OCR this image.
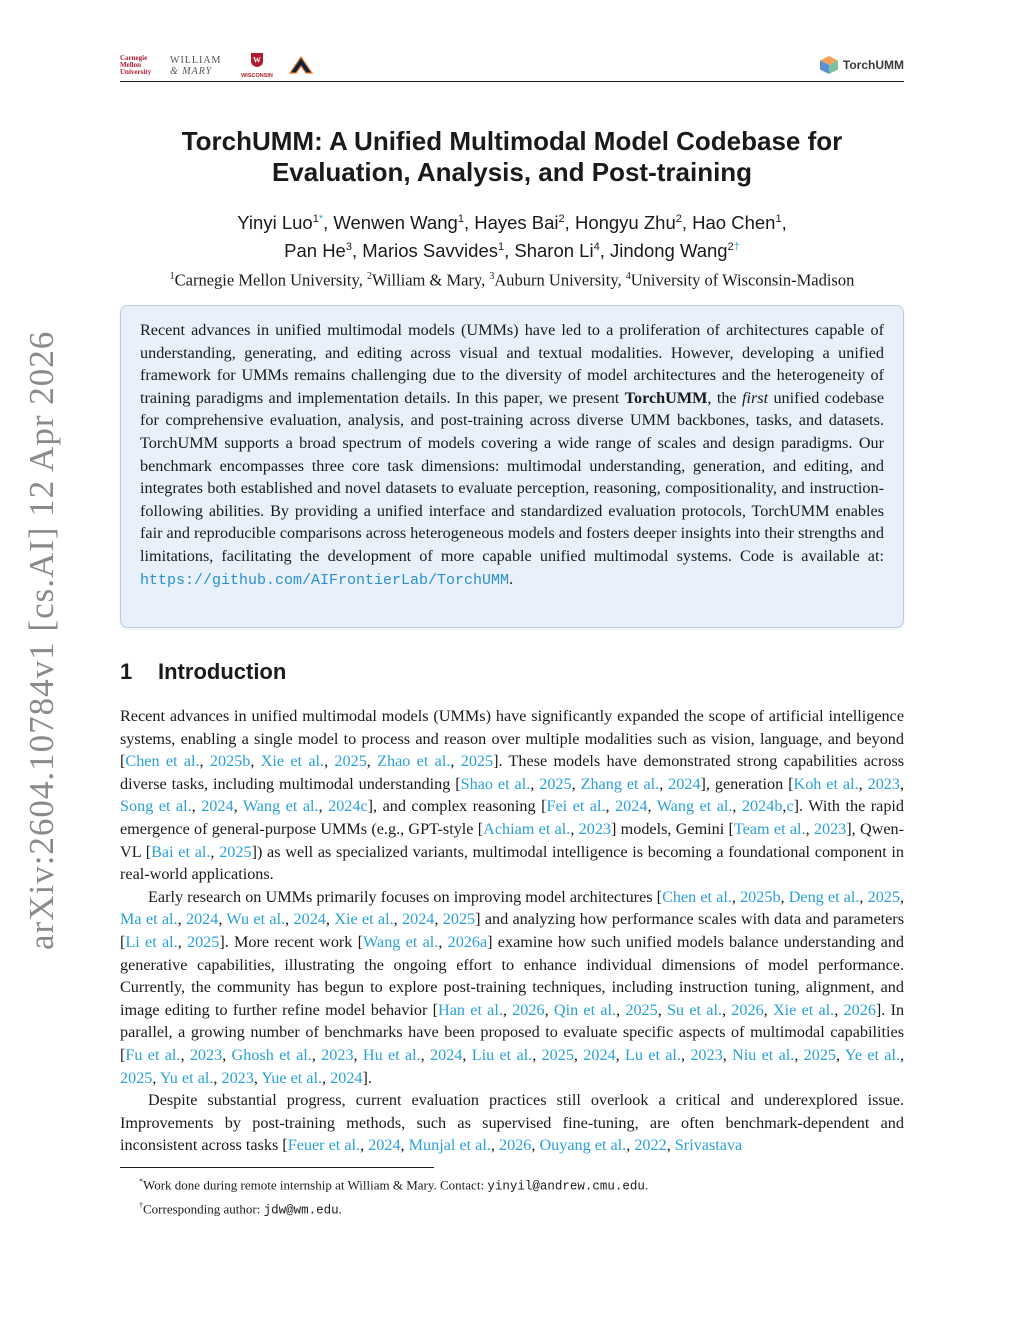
Carnegie
Mellon
University
WILLIAM
& MARY
W
WISCONSIN
TorchUMM
arXiv:2604.10784v1 [cs.AI] 12 Apr 2026
TorchUMM: A Unified Multimodal Model Codebase for
Evaluation, Analysis, and Post-training
Yinyi Luo$^{1*}$, Wenwen Wang$^1$, Hayes Bai$^2$, Hongyu Zhu$^2$, Hao Chen$^1$,
Pan He$^3$, Marios Savvides$^1$, Sharon Li$^4$, Jindong Wang$^{2\dagger}$
$^1$Carnegie Mellon University, $^2$William & Mary, $^3$Auburn University, $^4$University of Wisconsin-Madison
Recent advances in unified multimodal models (UMMs) have led to a proliferation of architectures capable of understanding, generating, and editing across visual and textual modalities. However, developing a unified framework for UMMs remains challenging due to the diversity of model architectures and the heterogeneity of training paradigms and implementation details. In this paper, we present TorchUMM, the first unified codebase for comprehensive evaluation, analysis, and post-training across diverse UMM backbones, tasks, and datasets. TorchUMM supports a broad spectrum of models covering a wide range of scales and design paradigms. Our benchmark encompasses three core task dimensions: multimodal understanding, generation, and editing, and integrates both established and novel datasets to evaluate perception, reasoning, compositionality, and instruction-following abilities. By providing a unified interface and standardized evaluation protocols, TorchUMM enables fair and reproducible comparisons across heterogeneous models and fosters deeper insights into their strengths and limitations, facilitating the development of more capable unified multimodal systems. Code is available at: https://github.com/AIFrontierLab/TorchUMM.
1 Introduction

Recent advances in unified multimodal models (UMMs) have significantly expanded the scope of artificial intelligence systems, enabling a single model to process and reason over multiple modalities such as vision, language, and beyond [Chen et al., 2025b, Xie et al., 2025, Zhao et al., 2025]. These models have demonstrated strong capabilities across diverse tasks, including multimodal understanding [Shao et al., 2025, Zhang et al., 2024], generation [Koh et al., 2023, Song et al., 2024, Wang et al., 2024c], and complex reasoning [Fei et al., 2024, Wang et al., 2024b,c]. With the rapid emergence of general-purpose UMMs (e.g., GPT-style [Achiam et al., 2023] models, Gemini [Team et al., 2023], Qwen-VL [Bai et al., 2025]) as well as specialized variants, multimodal intelligence is becoming a foundational component in real-world applications.

Early research on UMMs primarily focuses on improving model architectures [Chen et al., 2025b, Deng et al., 2025, Ma et al., 2024, Wu et al., 2024, Xie et al., 2024, 2025] and analyzing how performance scales with data and parameters [Li et al., 2025]. More recent work [Wang et al., 2026a] examine how such unified models balance understanding and generative capabilities, illustrating the ongoing effort to enhance individual dimensions of model performance. Currently, the community has begun to explore post-training techniques, including instruction tuning, alignment, and image editing to further refine model behavior [Han et al., 2026, Qin et al., 2025, Su et al., 2026, Xie et al., 2026]. In parallel, a growing number of benchmarks have been proposed to evaluate specific aspects of multimodal capabilities [Fu et al., 2023, Ghosh et al., 2023, Hu et al., 2024, Liu et al., 2025, 2024, Lu et al., 2023, Niu et al., 2025, Ye et al., 2025, Yu et al., 2023, Yue et al., 2024].

Despite substantial progress, current evaluation practices still overlook a critical and underexplored issue. Improvements by post-training methods, such as supervised fine-tuning, are often benchmark-dependent and inconsistent across tasks [Feuer et al., 2024, Munjal et al., 2026, Ouyang et al., 2022, Srivastava

*Work done during remote internship at William & Mary. Contact: yinyil@andrew.cmu.edu.
†Corresponding author: jdw@wm.edu.
